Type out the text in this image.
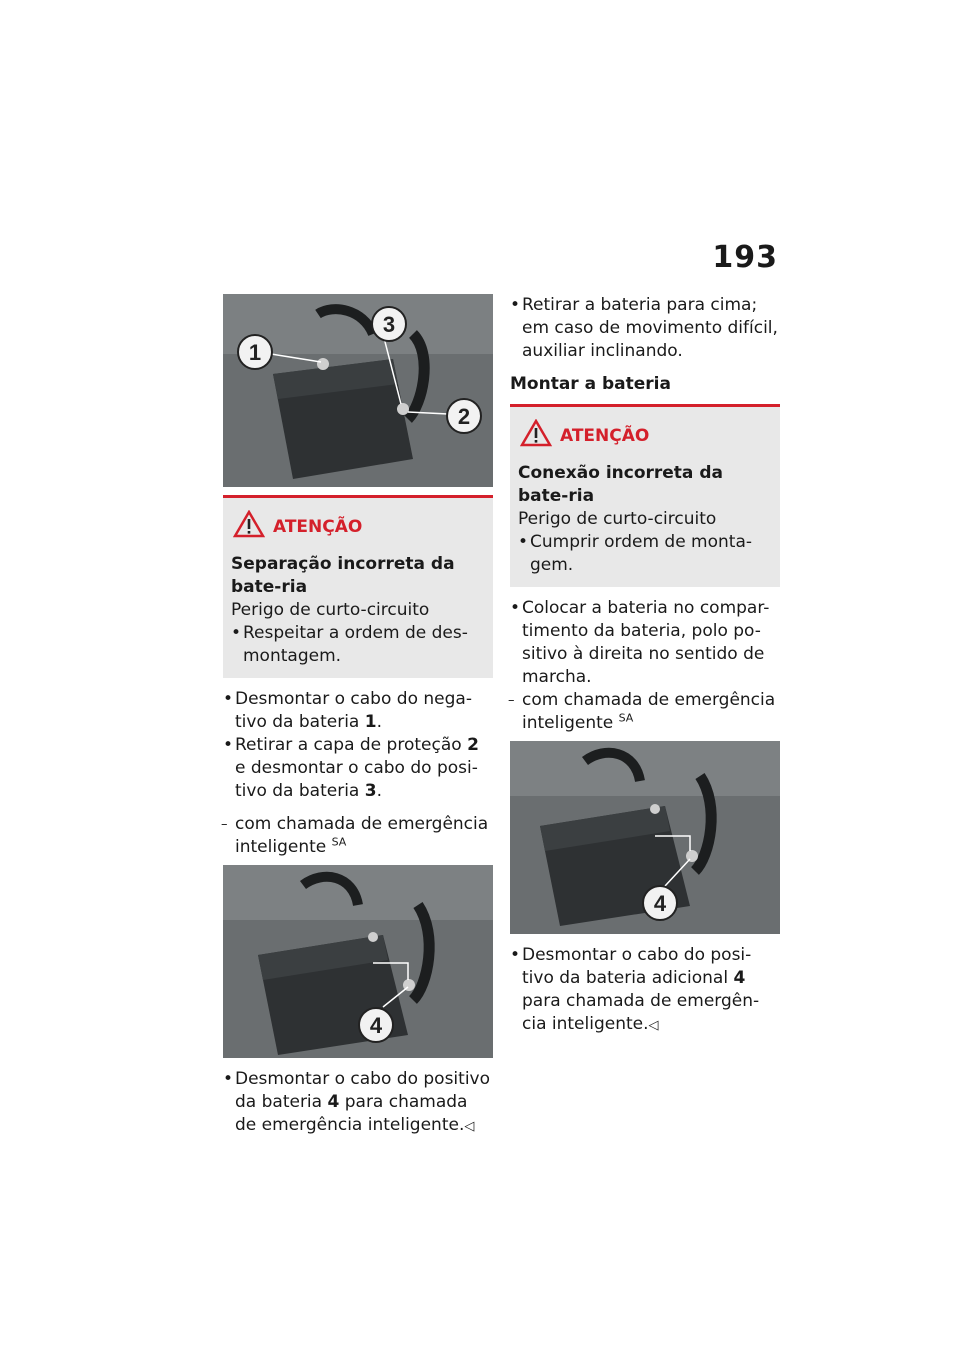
193
1
3
2
ATENÇÃO
Separação incorreta da bate-ria
Perigo de curto-circuito
• Respeitar a ordem de des-montagem.
• Desmontar o cabo do nega-tivo da bateria 1.
• Retirar a capa de proteção 2 e desmontar o cabo do posi-tivo da bateria 3.
– com chamada de emergência inteligente $^{SA}$
4
• Desmontar o cabo do positivo da bateria 4 para chamada de emergência inteligente.◁
• Retirar a bateria para cima; em caso de movimento difícil, auxiliar inclinando.
Montar a bateria
ATENÇÃO
Conexão incorreta da bate-ria
Perigo de curto-circuito
• Cumprir ordem de monta-gem.
• Colocar a bateria no compar-timento da bateria, polo po-sitivo à direita no sentido de marcha.
– com chamada de emergência inteligente $^{SA}$
4
• Desmontar o cabo do posi-tivo da bateria adicional 4 para chamada de emergên-cia inteligente.◁
